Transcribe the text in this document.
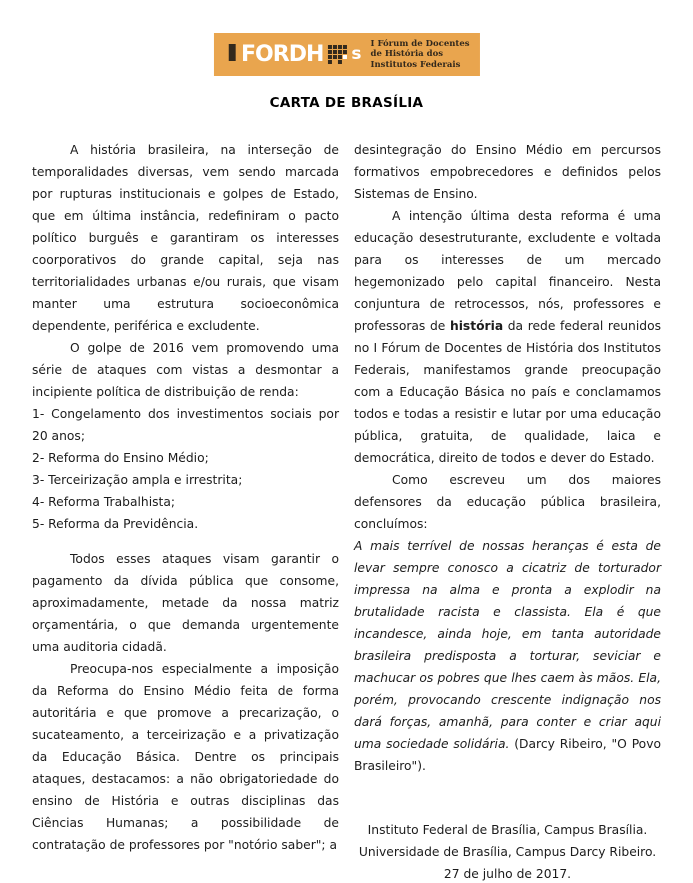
I FORDH s
I Fórum de Docentes
de História dos
Institutos Federais
CARTA DE BRASÍLIA

A história brasileira, na interseção de temporalidades diversas, vem sendo marcada por rupturas institucionais e golpes de Estado, que em última instância, redefiniram o pacto político burguês e garantiram os interesses coorporativos do grande capital, seja nas territorialidades urbanas e/ou rurais, que visam manter uma estrutura socioeconômica dependente, periférica e excludente.

O golpe de 2016 vem promovendo uma série de ataques com vistas a desmontar a incipiente política de distribuição de renda:

1- Congelamento dos investimentos sociais por 20 anos;

2- Reforma do Ensino Médio;

3- Terceirização ampla e irrestrita;

4- Reforma Trabalhista;

5- Reforma da Previdência.

Todos esses ataques visam garantir o pagamento da dívida pública que consome, aproximadamente, metade da nossa matriz orçamentária, o que demanda urgentemente uma auditoria cidadã.

Preocupa-nos especialmente a imposição da Reforma do Ensino Médio feita de forma autoritária e que promove a precarização, o sucateamento, a terceirização e a privatização da Educação Básica. Dentre os principais ataques, destacamos: a não obrigatoriedade do ensino de História e outras disciplinas das Ciências Humanas; a possibilidade de contratação de professores por "notório saber"; a

desintegração do Ensino Médio em percursos formativos empobrecedores e definidos pelos Sistemas de Ensino.

A intenção última desta reforma é uma educação desestruturante, excludente e voltada para os interesses de um mercado hegemonizado pelo capital financeiro. Nesta conjuntura de retrocessos, nós, professores e professoras de história da rede federal reunidos no I Fórum de Docentes de História dos Institutos Federais, manifestamos grande preocupação com a Educação Básica no país e conclamamos todos e todas a resistir e lutar por uma educação pública, gratuita, de qualidade, laica e democrática, direito de todos e dever do Estado.

Como escreveu um dos maiores defensores da educação pública brasileira, concluímos:

A mais terrível de nossas heranças é esta de levar sempre conosco a cicatriz de torturador impressa na alma e pronta a explodir na brutalidade racista e classista. Ela é que incandesce, ainda hoje, em tanta autoridade brasileira predisposta a torturar, seviciar e machucar os pobres que lhes caem às mãos. Ela, porém, provocando crescente indignação nos dará forças, amanhã, para conter e criar aqui uma sociedade solidária. (Darcy Ribeiro, "O Povo Brasileiro").

Instituto Federal de Brasília, Campus Brasília.

Universidade de Brasília, Campus Darcy Ribeiro.

27 de julho de 2017.
